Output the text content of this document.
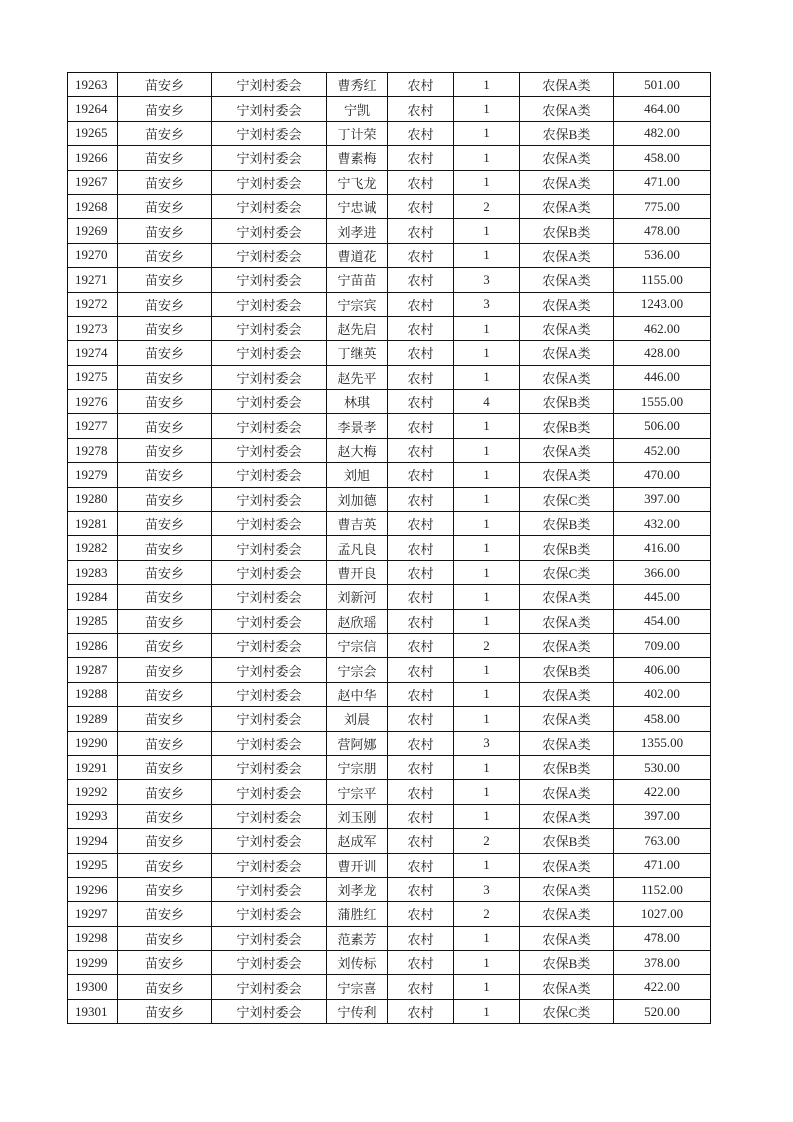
19263	苗安乡	宁刘村委会	曹秀红	农村	1	农保A类	501.00
19264	苗安乡	宁刘村委会	宁凯	农村	1	农保A类	464.00
19265	苗安乡	宁刘村委会	丁计荣	农村	1	农保B类	482.00
19266	苗安乡	宁刘村委会	曹素梅	农村	1	农保A类	458.00
19267	苗安乡	宁刘村委会	宁飞龙	农村	1	农保A类	471.00
19268	苗安乡	宁刘村委会	宁忠诚	农村	2	农保A类	775.00
19269	苗安乡	宁刘村委会	刘孝进	农村	1	农保B类	478.00
19270	苗安乡	宁刘村委会	曹道花	农村	1	农保A类	536.00
19271	苗安乡	宁刘村委会	宁苗苗	农村	3	农保A类	1155.00
19272	苗安乡	宁刘村委会	宁宗宾	农村	3	农保A类	1243.00
19273	苗安乡	宁刘村委会	赵先启	农村	1	农保A类	462.00
19274	苗安乡	宁刘村委会	丁继英	农村	1	农保A类	428.00
19275	苗安乡	宁刘村委会	赵先平	农村	1	农保A类	446.00
19276	苗安乡	宁刘村委会	林琪	农村	4	农保B类	1555.00
19277	苗安乡	宁刘村委会	李景孝	农村	1	农保B类	506.00
19278	苗安乡	宁刘村委会	赵大梅	农村	1	农保A类	452.00
19279	苗安乡	宁刘村委会	刘旭	农村	1	农保A类	470.00
19280	苗安乡	宁刘村委会	刘加德	农村	1	农保C类	397.00
19281	苗安乡	宁刘村委会	曹吉英	农村	1	农保B类	432.00
19282	苗安乡	宁刘村委会	孟凡良	农村	1	农保B类	416.00
19283	苗安乡	宁刘村委会	曹开良	农村	1	农保C类	366.00
19284	苗安乡	宁刘村委会	刘新河	农村	1	农保A类	445.00
19285	苗安乡	宁刘村委会	赵欣瑶	农村	1	农保A类	454.00
19286	苗安乡	宁刘村委会	宁宗信	农村	2	农保A类	709.00
19287	苗安乡	宁刘村委会	宁宗会	农村	1	农保B类	406.00
19288	苗安乡	宁刘村委会	赵中华	农村	1	农保A类	402.00
19289	苗安乡	宁刘村委会	刘晨	农村	1	农保A类	458.00
19290	苗安乡	宁刘村委会	营阿娜	农村	3	农保A类	1355.00
19291	苗安乡	宁刘村委会	宁宗朋	农村	1	农保B类	530.00
19292	苗安乡	宁刘村委会	宁宗平	农村	1	农保A类	422.00
19293	苗安乡	宁刘村委会	刘玉刚	农村	1	农保A类	397.00
19294	苗安乡	宁刘村委会	赵成军	农村	2	农保B类	763.00
19295	苗安乡	宁刘村委会	曹开训	农村	1	农保A类	471.00
19296	苗安乡	宁刘村委会	刘孝龙	农村	3	农保A类	1152.00
19297	苗安乡	宁刘村委会	蒲胜红	农村	2	农保A类	1027.00
19298	苗安乡	宁刘村委会	范素芳	农村	1	农保A类	478.00
19299	苗安乡	宁刘村委会	刘传标	农村	1	农保B类	378.00
19300	苗安乡	宁刘村委会	宁宗喜	农村	1	农保A类	422.00
19301	苗安乡	宁刘村委会	宁传利	农村	1	农保C类	520.00
